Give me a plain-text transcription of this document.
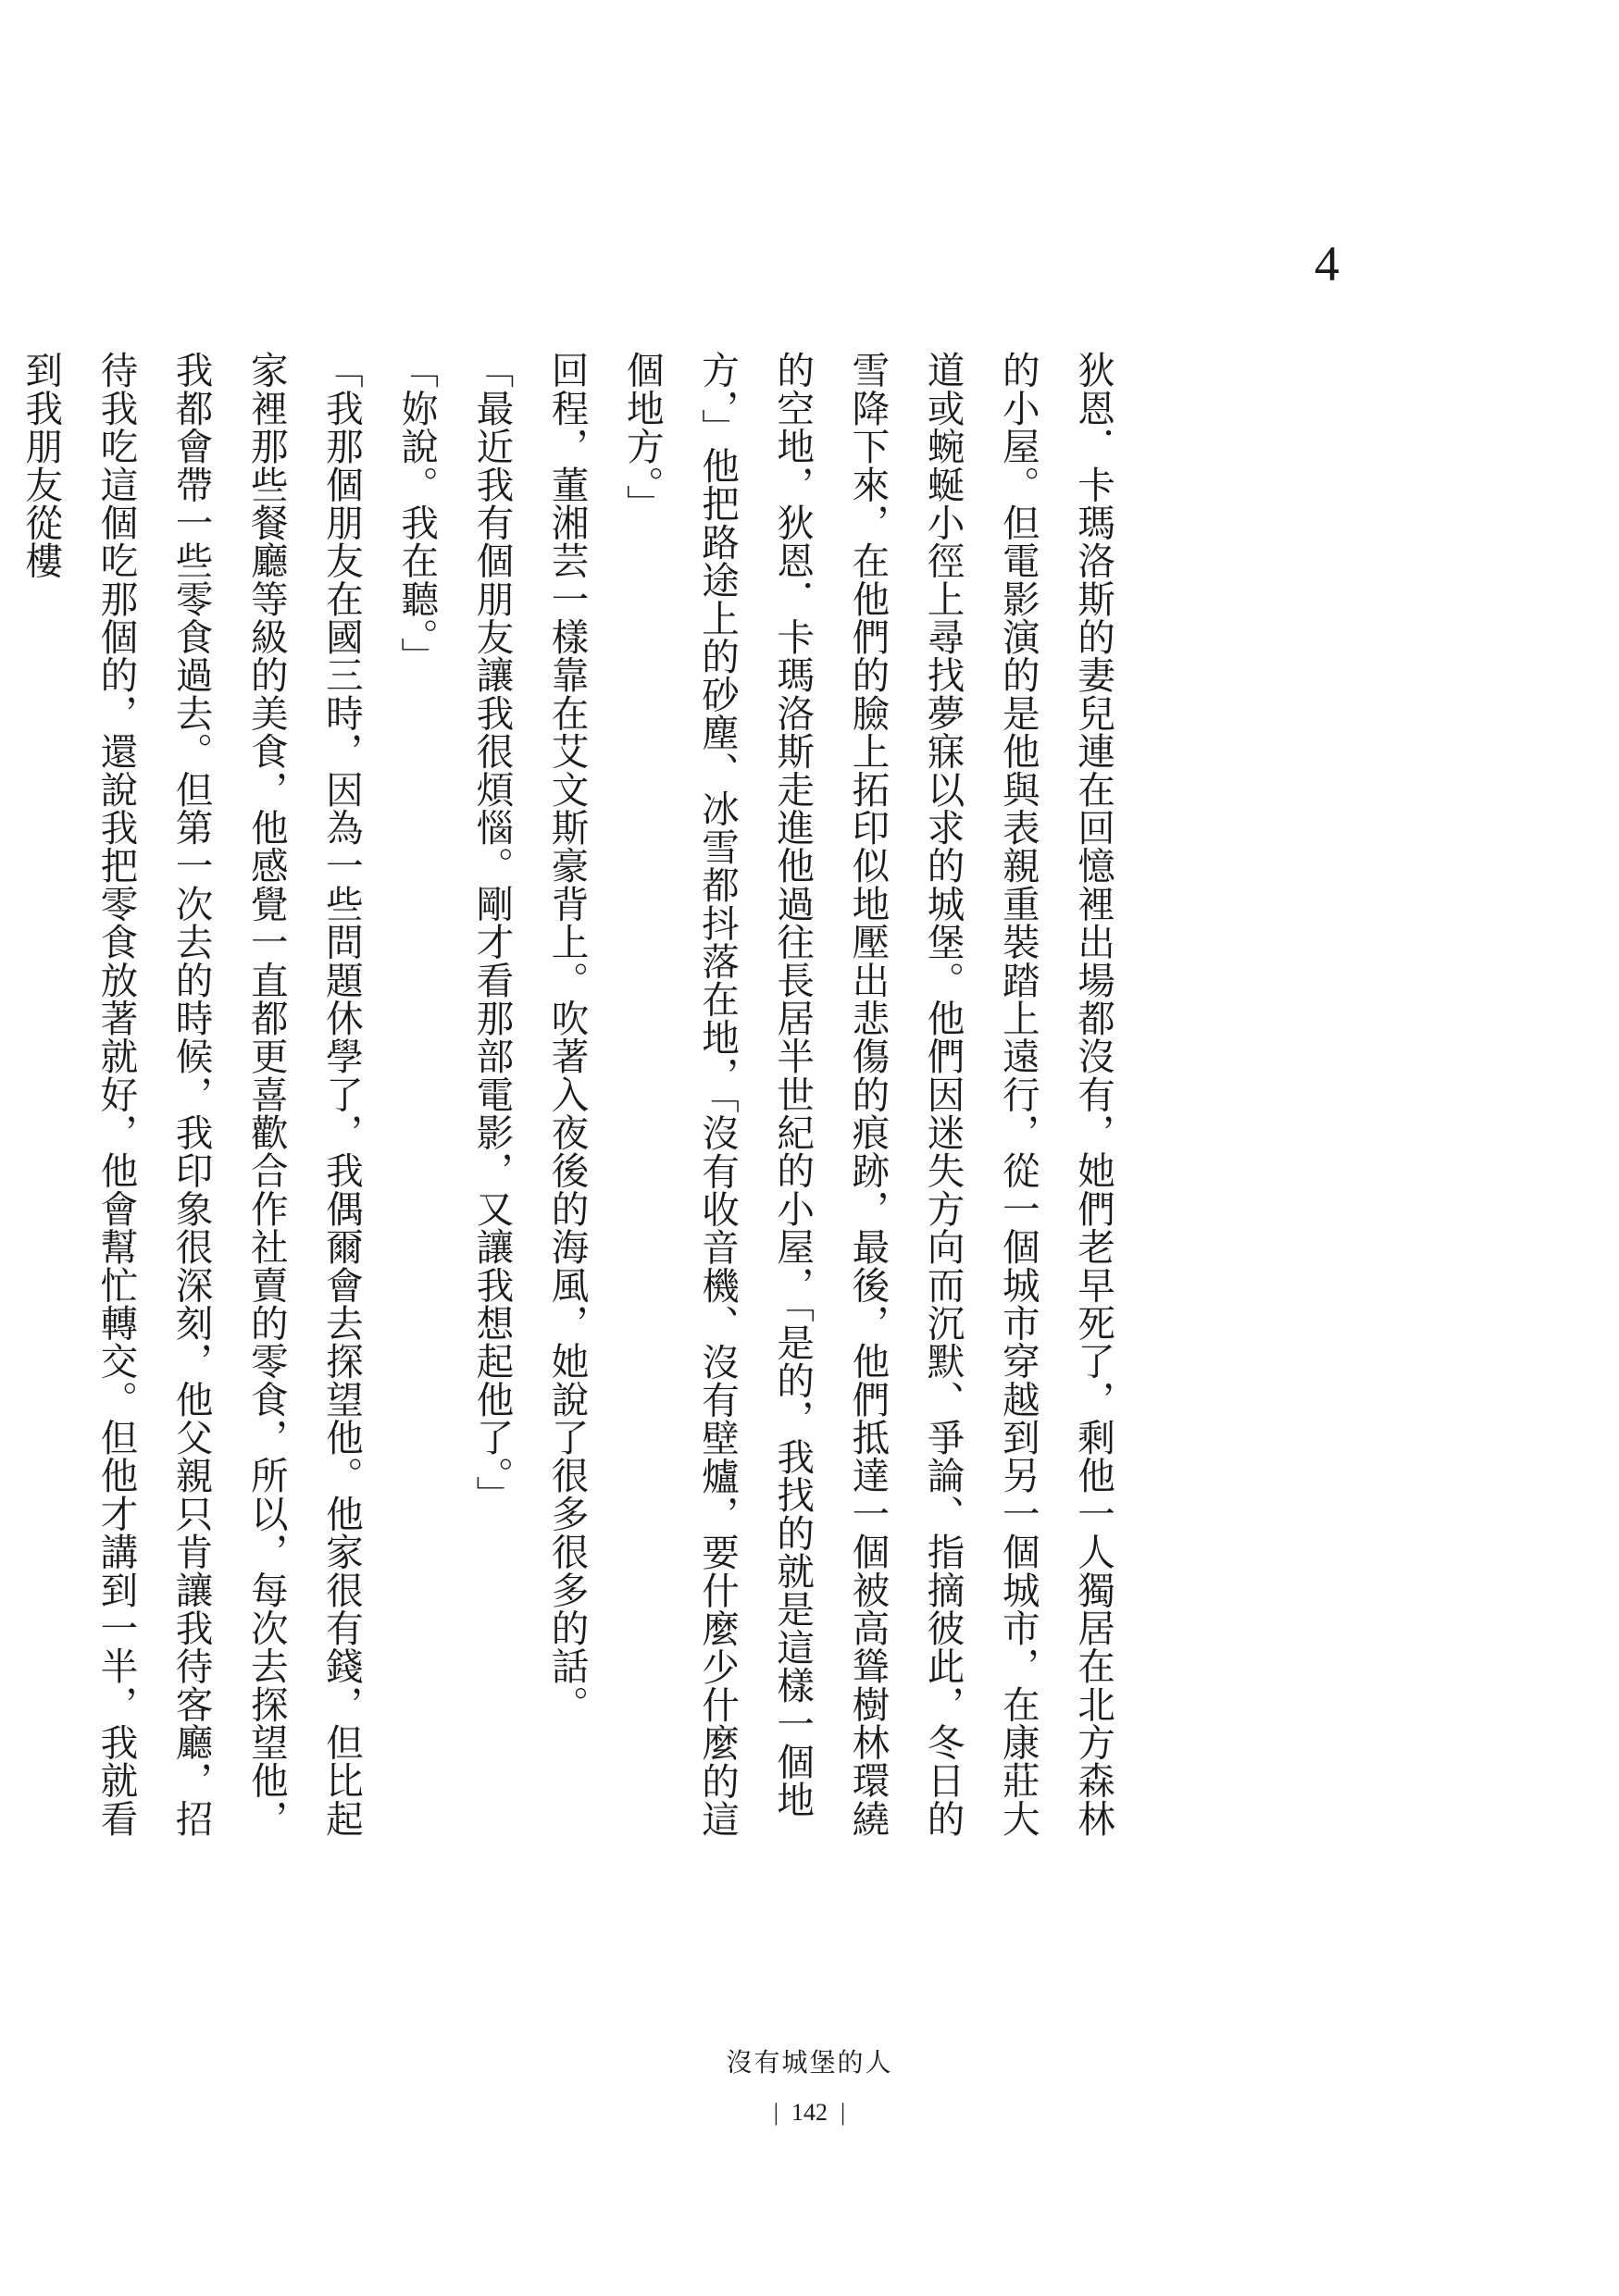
4

狄恩．卡瑪洛斯的妻兒連在回憶裡出場都沒有，她們老早死了，剩他一人獨居在北方森林的小屋。但電影演的是他與表親重裝踏上遠行，從一個城市穿越到另一個城市，在康莊大道或蜿蜒小徑上尋找夢寐以求的城堡。他們因迷失方向而沉默、爭論、指摘彼此，冬日的雪降下來，在他們的臉上拓印似地壓出悲傷的痕跡，最後，他們抵達一個被高聳樹林環繞的空地，狄恩．卡瑪洛斯走進他過往長居半世紀的小屋，「是的，我找的就是這樣一個地方，」他把路途上的砂塵、冰雪都抖落在地，「沒有收音機、沒有壁爐，要什麼少什麼的這個地方。」

回程，董湘芸一樣靠在艾文斯豪背上。吹著入夜後的海風，她說了很多很多的話。

「最近我有個朋友讓我很煩惱。剛才看那部電影，又讓我想起他了。」

「妳說。我在聽。」

「我那個朋友在國三時，因為一些問題休學了，我偶爾會去探望他。他家很有錢，但比起家裡那些餐廳等級的美食，他感覺一直都更喜歡合作社賣的零食，所以，每次去探望他，我都會帶一些零食過去。但第一次去的時候，我印象很深刻，他父親只肯讓我待客廳，招待我吃這個吃那個的，還說我把零食放著就好，他會幫忙轉交。但他才講到一半，我就看到我朋友從樓

沒有城堡的人
| 142 |
